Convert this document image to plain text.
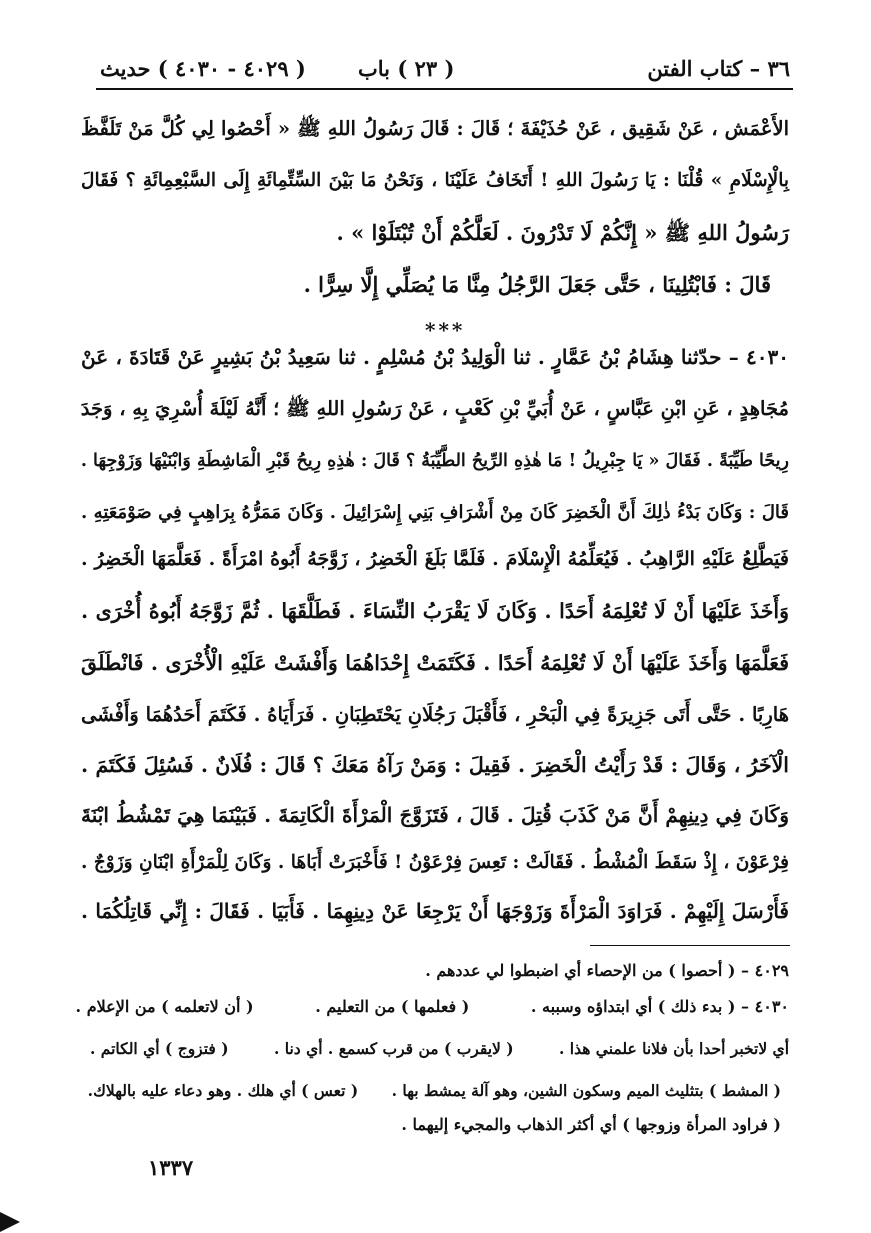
٣٦ – كتاب الفتن
( ٢٣ ) باب
( ٤٠٢٩ - ٤٠٣٠ ) حديث
الأَعْمَش ، عَنْ شَقِيق ، عَنْ حُذَيْفَةَ ؛ قَالَ : قَالَ رَسُولُ اللهِ ﷺ « أَحْصُوا لِي كُلَّ مَنْ تَلَفَّظَ
بِالْإِسْلَامِ » قُلْنَا : يَا رَسُولَ اللهِ ! أَتَخَافُ عَلَيْنَا ، وَنَحْنُ مَا بَيْنَ السِّتِّمِائَةِ إِلَى السَّبْعِمِائَةِ ؟ فَقَالَ
رَسُولُ اللهِ ﷺ « إِنَّكُمْ لَا تَدْرُونَ . لَعَلَّكُمْ أَنْ تُبْتَلَوْا » .
قَالَ : فَابْتُلِينَا ، حَتَّى جَعَلَ الرَّجُلُ مِنَّا مَا يُصَلِّي إِلَّا سِرًّا .
***
٤٠٣٠ – حدّثنا هِشَامُ بْنُ عَمَّارٍ . ثنا الْوَلِيدُ بْنُ مُسْلِمٍ . ثنا سَعِيدُ بْنُ بَشِيرٍ عَنْ قَتَادَةَ ، عَنْ
مُجَاهِدٍ ، عَنِ ابْنِ عَبَّاسٍ ، عَنْ أُبَيِّ بْنِ كَعْبٍ ، عَنْ رَسُولِ اللهِ ﷺ ؛ أَنَّهُ لَيْلَةَ أُسْرِيَ بِهِ ، وَجَدَ
رِيحًا طَيِّبَةً . فَقَالَ « يَا جِبْرِيلُ ! مَا هٰذِهِ الرِّيحُ الطَّيِّبَةُ ؟ قَالَ : هٰذِهِ رِيحُ قَبْرِ الْمَاشِطَةِ وَابْنَيْهَا وَزَوْجِهَا .
قَالَ : وَكَانَ بَدْءُ ذٰلِكَ أَنَّ الْخَضِرَ كَانَ مِنْ أَشْرَافِ بَنِي إِسْرَائِيلَ . وَكَانَ مَمَرُّهُ بِرَاهِبٍ فِي صَوْمَعَتِهِ .
فَيَطَّلِعُ عَلَيْهِ الرَّاهِبُ . فَيُعَلِّمُهُ الْإِسْلَامَ . فَلَمَّا بَلَغَ الْخَضِرُ ، زَوَّجَهُ أَبُوهُ امْرَأَةً . فَعَلَّمَهَا الْخَضِرُ .
وَأَخَذَ عَلَيْهَا أَنْ لَا تُعْلِمَهُ أَحَدًا . وَكَانَ لَا يَقْرَبُ النِّسَاءَ . فَطَلَّقَهَا . ثُمَّ زَوَّجَهُ أَبُوهُ أُخْرَى .
فَعَلَّمَهَا وَأَخَذَ عَلَيْهَا أَنْ لَا تُعْلِمَهُ أَحَدًا . فَكَتَمَتْ إِحْدَاهُمَا وَأَفْشَتْ عَلَيْهِ الْأُخْرَى . فَانْطَلَقَ
هَارِبًا . حَتَّى أَتَى جَزِيرَةً فِي الْبَحْرِ ، فَأَقْبَلَ رَجُلَانِ يَحْتَطِبَانِ . فَرَأَيَاهُ . فَكَتَمَ أَحَدُهُمَا وَأَفْشَى
الْآخَرُ ، وَقَالَ : قَدْ رَأَيْتُ الْخَضِرَ . فَقِيلَ : وَمَنْ رَآهُ مَعَكَ ؟ قَالَ : فُلَانٌ . فَسُئِلَ فَكَتَمَ .
وَكَانَ فِي دِينِهِمْ أَنَّ مَنْ كَذَبَ قُتِلَ . قَالَ ، فَتَزَوَّجَ الْمَرْأَةَ الْكَاتِمَةَ . فَبَيْنَمَا هِيَ تَمْشُطُ ابْنَةَ
فِرْعَوْنَ ، إِذْ سَقَطَ الْمُشْطُ . فَقَالَتْ : تَعِسَ فِرْعَوْنُ ! فَأَخْبَرَتْ أَبَاهَا . وَكَانَ لِلْمَرْأَةِ ابْنَانِ وَزَوْجٌ .
فَأَرْسَلَ إِلَيْهِمْ . فَرَاوَدَ الْمَرْأَةَ وَزَوْجَهَا أَنْ يَرْجِعَا عَنْ دِينِهِمَا . فَأَبَيَا . فَقَالَ : إِنِّي قَاتِلُكُمَا .
٤٠٢٩ – ( أحصوا ) من الإحصاء أي اضبطوا لي عددهم .
٤٠٣٠ – ( بدء ذلك ) أي ابتداؤه وسببه . ( فعلمها ) من التعليم . ( أن لاتعلمه ) من الإعلام .
أي لاتخبر أحدا بأن فلانا علمني هذا . ( لايقرب ) من قرب كسمع . أي دنا . ( فتزوج ) أي الكاتم .
( المشط ) بتثليث الميم وسكون الشين، وهو آلة يمشط بها . ( تعس ) أي هلك . وهو دعاء عليه بالهلاك.
( فراود المرأة وزوجها ) أي أكثر الذهاب والمجيء إليهما .
١٣٣٧
